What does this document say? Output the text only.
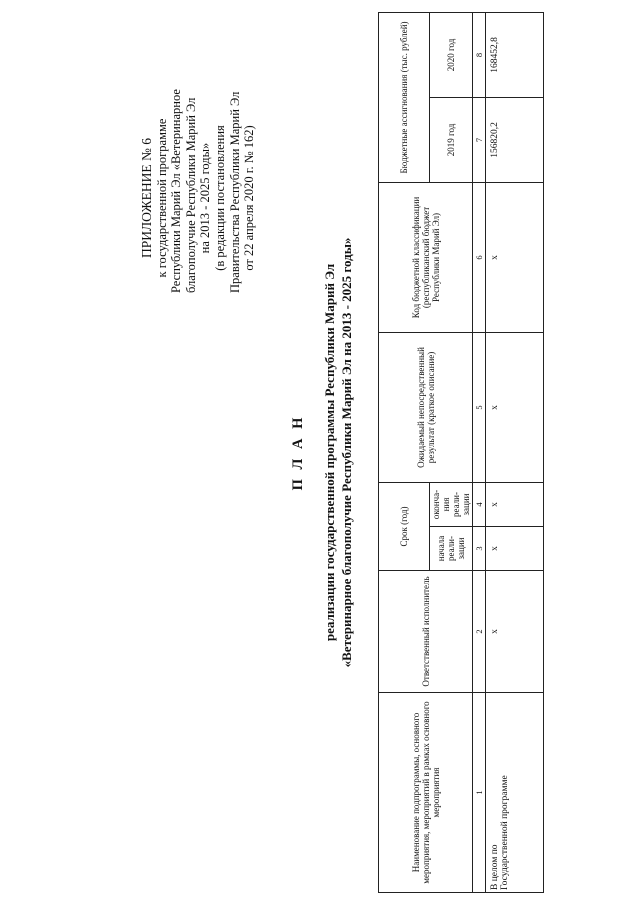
ПРИЛОЖЕНИЕ № 6 к государственной программе Республики Марий Эл «Ветеринарное благополучие Республики Марий Эл на 2013 - 2025 годы» (в редакции постановления Правительства Республики Марий Эл от 22 апреля 2020 г. № 162)
П Л А Н реализации государственной программы Республики Марий Эл «Ветеринарное благополучие Республики Марий Эл на 2013 - 2025 годы»
Наименование подпрограммы, основного мероприятия, мероприятий в рамках основного мероприятия	Ответственный исполнитель	Срок (год)		Ожидаемый непосредственный результат (краткое описание)	Код бюджетной классификации (республиканский бюджет Республики Марий Эл)	Бюджетные ассигнования (тыс. рублей)	
		начала реали-зации	оконча-ния реали-зации			2019 год	2020 год
1	2	3	4	5	6	7	8

В целом по Государственной программе	х	х	х	х	х	156820,2	168452,8
